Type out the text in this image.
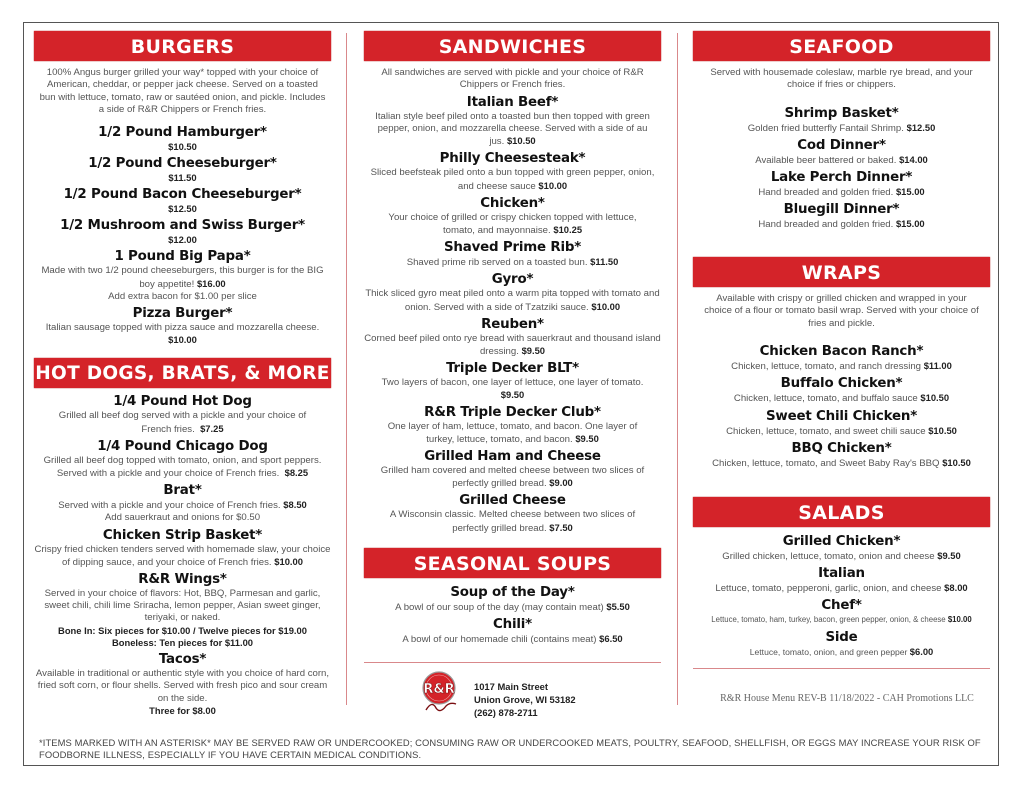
BURGERS
100% Angus burger grilled your way* topped with your choice of American, cheddar, or pepper jack cheese. Served on a toasted bun with lettuce, tomato, raw or sautéed onion, and pickle. Includes a side of R&R Chippers or French fries.
1/2 Pound Hamburger*
$10.50
1/2 Pound Cheeseburger*
$11.50
1/2 Pound Bacon Cheeseburger*
$12.50
1/2 Mushroom and Swiss Burger*
$12.00
1 Pound Big Papa*
Made with two 1/2 pound cheeseburgers, this burger is for the BIG boy appetite! $16.00
Add extra bacon for $1.00 per slice
Pizza Burger*
Italian sausage topped with pizza sauce and mozzarella cheese.
$10.00
HOT DOGS, BRATS, & MORE
1/4 Pound Hot Dog
Grilled all beef dog served with a pickle and your choice of French fries. $7.25
1/4 Pound Chicago Dog
Grilled all beef dog topped with tomato, onion, and sport peppers. Served with a pickle and your choice of French fries. $8.25
Brat*
Served with a pickle and your choice of French fries. $8.50
Add sauerkraut and onions for $0.50
Chicken Strip Basket*
Crispy fried chicken tenders served with homemade slaw, your choice of dipping sauce, and your choice of French fries. $10.00
R&R Wings*
Served in your choice of flavors: Hot, BBQ, Parmesan and garlic, sweet chili, chili lime Sriracha, lemon pepper, Asian sweet ginger, teriyaki, or naked.
Bone In: Six pieces for $10.00 / Twelve pieces for $19.00
Boneless: Ten pieces for $11.00
Tacos*
Available in traditional or authentic style with you choice of hard corn, fried soft corn, or flour shells. Served with fresh pico and sour cream on the side.
Three for $8.00
SANDWICHES
All sandwiches are served with pickle and your choice of R&R Chippers or French fries.
Italian Beef*
Italian style beef piled onto a toasted bun then topped with green pepper, onion, and mozzarella cheese. Served with a side of au jus. $10.50
Philly Cheesesteak*
Sliced beefsteak piled onto a bun topped with green pepper, onion, and cheese sauce $10.00
Chicken*
Your choice of grilled or crispy chicken topped with lettuce, tomato, and mayonnaise. $10.25
Shaved Prime Rib*
Shaved prime rib served on a toasted bun. $11.50
Gyro*
Thick sliced gyro meat piled onto a warm pita topped with tomato and onion. Served with a side of Tzatziki sauce. $10.00
Reuben*
Corned beef piled onto rye bread with sauerkraut and thousand island dressing. $9.50
Triple Decker BLT*
Two layers of bacon, one layer of lettuce, one layer of tomato.
$9.50
R&R Triple Decker Club*
One layer of ham, lettuce, tomato, and bacon. One layer of turkey, lettuce, tomato, and bacon. $9.50
Grilled Ham and Cheese
Grilled ham covered and melted cheese between two slices of perfectly grilled bread. $9.00
Grilled Cheese
A Wisconsin classic. Melted cheese between two slices of perfectly grilled bread. $7.50
SEASONAL SOUPS
Soup of the Day*
A bowl of our soup of the day (may contain meat) $5.50
Chili*
A bowl of our homemade chili (contains meat) $6.50
R&R 1017 Main Street
Union Grove, WI 53182
(262) 878-2711
SEAFOOD
Served with housemade coleslaw, marble rye bread, and your choice if fries or chippers.
Shrimp Basket*
Golden fried butterfly Fantail Shrimp. $12.50
Cod Dinner*
Available beer battered or baked. $14.00
Lake Perch Dinner*
Hand breaded and golden fried. $15.00
Bluegill Dinner*
Hand breaded and golden fried. $15.00
WRAPS
Available with crispy or grilled chicken and wrapped in your choice of a flour or tomato basil wrap. Served with your choice of fries and pickle.
Chicken Bacon Ranch*
Chicken, lettuce, tomato, and ranch dressing $11.00
Buffalo Chicken*
Chicken, lettuce, tomato, and buffalo sauce $10.50
Sweet Chili Chicken*
Chicken, lettuce, tomato, and sweet chili sauce $10.50
BBQ Chicken*
Chicken, lettuce, tomato, and Sweet Baby Ray's BBQ $10.50
SALADS
Grilled Chicken*
Grilled chicken, lettuce, tomato, onion and cheese $9.50
Italian
Lettuce, tomato, pepperoni, garlic, onion, and cheese $8.00
Chef*
Lettuce, tomato, ham, turkey, bacon, green pepper, onion, & cheese $10.00
Side
Lettuce, tomato, onion, and green pepper $6.00
R&R House Menu REV-B 11/18/2022 - CAH Promotions LLC
*ITEMS MARKED WITH AN ASTERISK* MAY BE SERVED RAW OR UNDERCOOKED; CONSUMING RAW OR UNDERCOOKED MEATS, POULTRY, SEAFOOD, SHELLFISH, OR EGGS MAY INCREASE YOUR RISK OF FOODBORNE ILLNESS, ESPECIALLY IF YOU HAVE CERTAIN MEDICAL CONDITIONS.
